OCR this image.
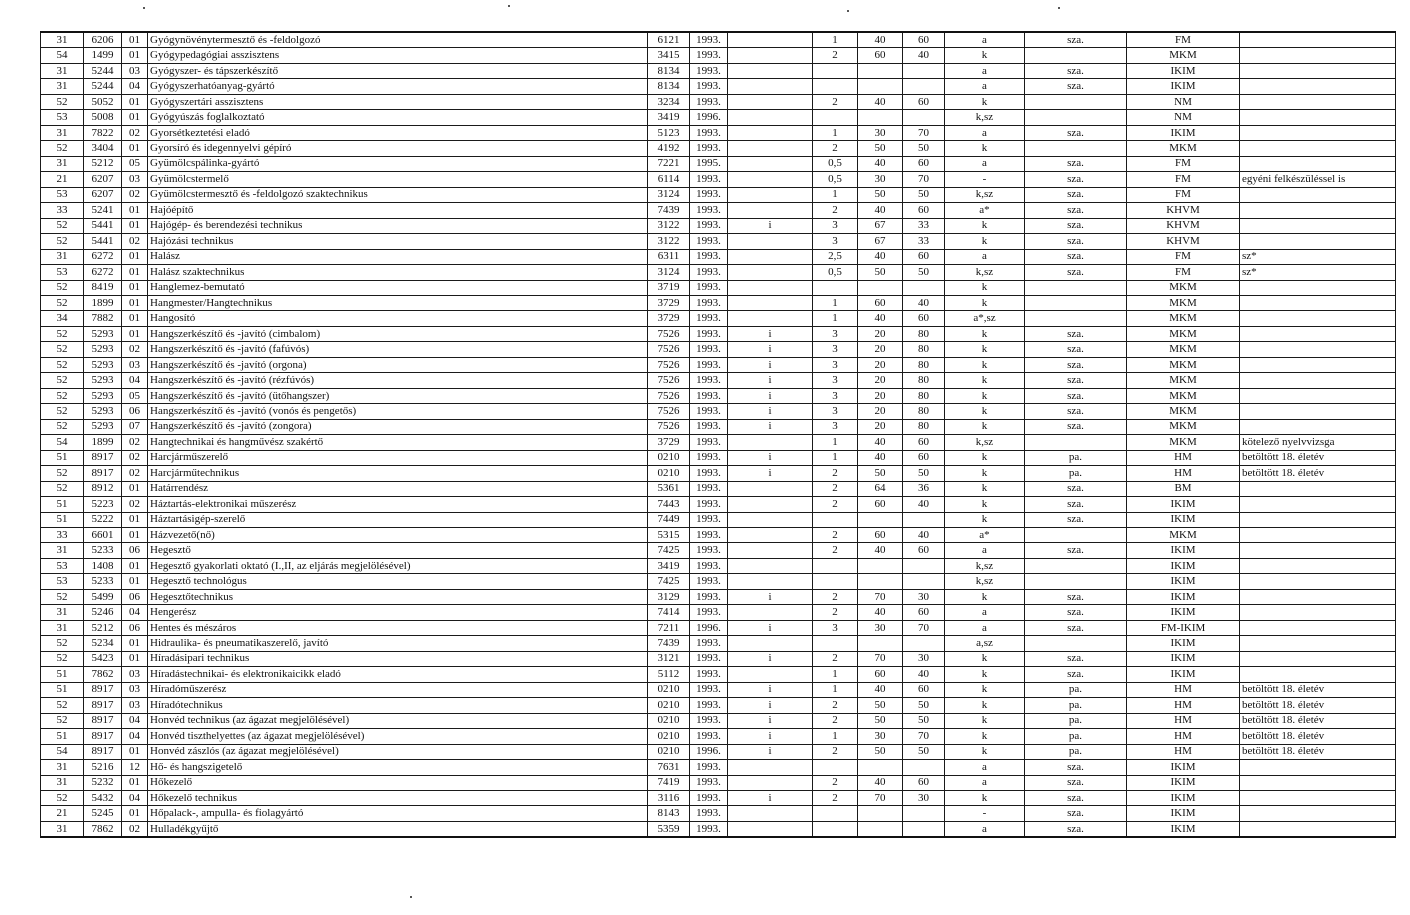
31	6206	01	Gyógynövénytermesztő és -feldolgozó	6121	1993.		1	40	60	a	sza.	FM	
54	1499	01	Gyógypedagógiai asszisztens	3415	1993.		2	60	40	k		MKM	
31	5244	03	Gyógyszer- és tápszerkészítő	8134	1993.					a	sza.	IKIM	
31	5244	04	Gyógyszerhatóanyag-gyártó	8134	1993.					a	sza.	IKIM	
52	5052	01	Gyógyszertári asszisztens	3234	1993.		2	40	60	k		NM	
53	5008	01	Gyógyúszás foglalkoztató	3419	1996.					k,sz		NM	
31	7822	02	Gyorsétkeztetési eladó	5123	1993.		1	30	70	a	sza.	IKIM	
52	3404	01	Gyorsíró és idegennyelvi gépíró	4192	1993.		2	50	50	k		MKM	
31	5212	05	Gyümölcspálinka-gyártó	7221	1995.		0,5	40	60	a	sza.	FM	
21	6207	03	Gyümölcstermelő	6114	1993.		0,5	30	70	-	sza.	FM	egyéni felkészüléssel is
53	6207	02	Gyümölcstermesztő és -feldolgozó szaktechnikus	3124	1993.		1	50	50	k,sz	sza.	FM	
33	5241	01	Hajóépítő	7439	1993.		2	40	60	a*	sza.	KHVM	
52	5441	01	Hajógép- és berendezési technikus	3122	1993.	i	3	67	33	k	sza.	KHVM	
52	5441	02	Hajózási technikus	3122	1993.		3	67	33	k	sza.	KHVM	
31	6272	01	Halász	6311	1993.		2,5	40	60	a	sza.	FM	sz*
53	6272	01	Halász szaktechnikus	3124	1993.		0,5	50	50	k,sz	sza.	FM	sz*
52	8419	01	Hanglemez-bemutató	3719	1993.					k		MKM	
52	1899	01	Hangmester/Hangtechnikus	3729	1993.		1	60	40	k		MKM	
34	7882	01	Hangosító	3729	1993.		1	40	60	a*,sz		MKM	
52	5293	01	Hangszerkészítő és -javító (cimbalom)	7526	1993.	i	3	20	80	k	sza.	MKM	
52	5293	02	Hangszerkészítő és -javító (fafúvós)	7526	1993.	i	3	20	80	k	sza.	MKM	
52	5293	03	Hangszerkészítő és -javító (orgona)	7526	1993.	i	3	20	80	k	sza.	MKM	
52	5293	04	Hangszerkészítő és -javító (rézfúvós)	7526	1993.	i	3	20	80	k	sza.	MKM	
52	5293	05	Hangszerkészítő és -javító (ütőhangszer)	7526	1993.	i	3	20	80	k	sza.	MKM	
52	5293	06	Hangszerkészítő és -javító (vonós és pengetős)	7526	1993.	i	3	20	80	k	sza.	MKM	
52	5293	07	Hangszerkészítő és -javító (zongora)	7526	1993.	i	3	20	80	k	sza.	MKM	
54	1899	02	Hangtechnikai és hangművész szakértő	3729	1993.		1	40	60	k,sz		MKM	kötelező nyelvvizsga
51	8917	02	Harcjárműszerelő	0210	1993.	i	1	40	60	k	pa.	HM	betöltött 18. életév
52	8917	02	Harcjárműtechnikus	0210	1993.	i	2	50	50	k	pa.	HM	betöltött 18. életév
52	8912	01	Határrendész	5361	1993.		2	64	36	k	sza.	BM	
51	5223	02	Háztartás-elektronikai műszerész	7443	1993.		2	60	40	k	sza.	IKIM	
51	5222	01	Háztartásigép-szerelő	7449	1993.					k	sza.	IKIM	
33	6601	01	Házvezető(nő)	5315	1993.		2	60	40	a*		MKM	
31	5233	06	Hegesztő	7425	1993.		2	40	60	a	sza.	IKIM	
53	1408	01	Hegesztő gyakorlati oktató (I.,II, az eljárás megjelölésével)	3419	1993.					k,sz		IKIM	
53	5233	01	Hegesztő technológus	7425	1993.					k,sz		IKIM	
52	5499	06	Hegesztőtechnikus	3129	1993.	i	2	70	30	k	sza.	IKIM	
31	5246	04	Hengerész	7414	1993.		2	40	60	a	sza.	IKIM	
31	5212	06	Hentes és mészáros	7211	1996.	i	3	30	70	a	sza.	FM-IKIM	
52	5234	01	Hidraulika- és pneumatikaszerelő, javító	7439	1993.					a,sz		IKIM	
52	5423	01	Híradásipari technikus	3121	1993.	i	2	70	30	k	sza.	IKIM	
51	7862	03	Híradástechnikai- és elektronikaicikk eladó	5112	1993.		1	60	40	k	sza.	IKIM	
51	8917	03	Híradóműszerész	0210	1993.	i	1	40	60	k	pa.	HM	betöltött 18. életév
52	8917	03	Híradótechnikus	0210	1993.	i	2	50	50	k	pa.	HM	betöltött 18. életév
52	8917	04	Honvéd technikus (az ágazat megjelölésével)	0210	1993.	i	2	50	50	k	pa.	HM	betöltött 18. életév
51	8917	04	Honvéd tiszthelyettes (az ágazat megjelölésével)	0210	1993.	i	1	30	70	k	pa.	HM	betöltött 18. életév
54	8917	01	Honvéd zászlós (az ágazat megjelölésével)	0210	1996.	i	2	50	50	k	pa.	HM	betöltött 18. életév
31	5216	12	Hő- és hangszigetelő	7631	1993.					a	sza.	IKIM	
31	5232	01	Hőkezelő	7419	1993.		2	40	60	a	sza.	IKIM	
52	5432	04	Hőkezelő technikus	3116	1993.	i	2	70	30	k	sza.	IKIM	
21	5245	01	Hőpalack-, ampulla- és fiolagyártó	8143	1993.					-	sza.	IKIM	
31	7862	02	Hulladékgyűjtő	5359	1993.					a	sza.	IKIM	
